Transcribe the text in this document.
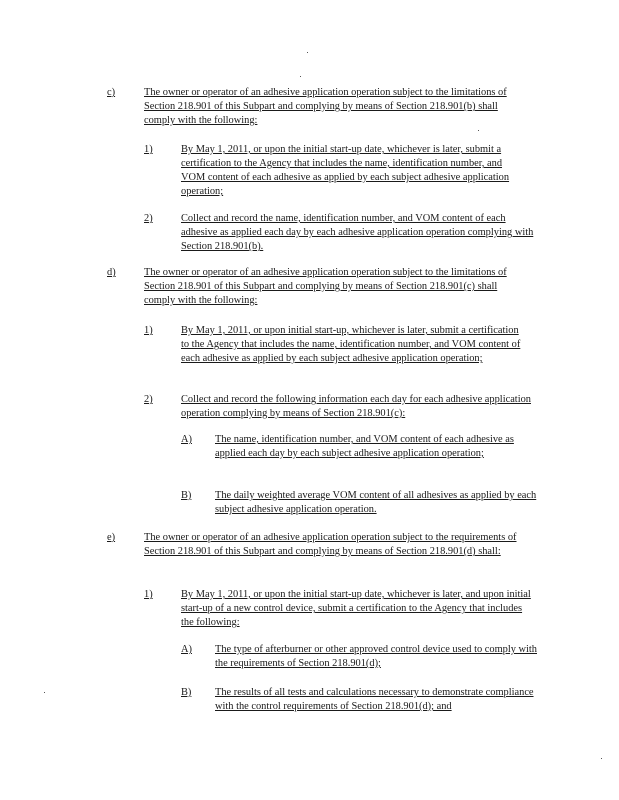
c)	The owner or operator of an adhesive application operation subject to the limitations of Section 218.901 of this Subpart and complying by means of Section 218.901(b) shall comply with the following:
1)	By May 1, 2011, or upon the initial start-up date, whichever is later, submit a certification to the Agency that includes the name, identification number, and VOM content of each adhesive as applied by each subject adhesive application operation;
2)	Collect and record the name, identification number, and VOM content of each adhesive as applied each day by each adhesive application operation complying with Section 218.901(b).
d)	The owner or operator of an adhesive application operation subject to the limitations of Section 218.901 of this Subpart and complying by means of Section 218.901(c) shall comply with the following:
1)	By May 1, 2011, or upon initial start-up, whichever is later, submit a certification to the Agency that includes the name, identification number, and VOM content of each adhesive as applied by each subject adhesive application operation;
2)	Collect and record the following information each day for each adhesive application operation complying by means of Section 218.901(c):
A) The name, identification number, and VOM content of each adhesive as applied each day by each subject adhesive application operation;
B) The daily weighted average VOM content of all adhesives as applied by each subject adhesive application operation.
e)	The owner or operator of an adhesive application operation subject to the requirements of Section 218.901 of this Subpart and complying by means of Section 218.901(d) shall:
1)	By May 1, 2011, or upon the initial start-up date, whichever is later, and upon initial start-up of a new control device, submit a certification to the Agency that includes the following:
A) The type of afterburner or other approved control device used to comply with the requirements of Section 218.901(d);
B) The results of all tests and calculations necessary to demonstrate compliance with the control requirements of Section 218.901(d); and
